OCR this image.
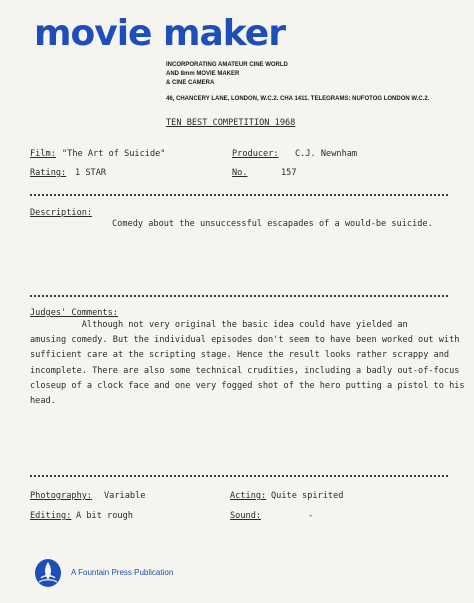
movie maker
INCORPORATING AMATEUR CINE WORLD
AND 8mm MOVIE MAKER
& CINE CAMERA
46, CHANCERY LANE, LONDON, W.C.2. CHA 1411. TELEGRAMS: NUFOTOG LONDON W.C.2.
TEN BEST COMPETITION 1968
Film: "The Art of Suicide"	Producer: C.J. Newnham
Rating: 1 STAR	No.	157
Description:
Comedy about the unsuccessful escapades of a would-be suicide.
Judges' Comments:
Although not very original the basic idea could have yielded an
amusing comedy. But the individual episodes don't seem to have been worked out with
sufficient care at the scripting stage. Hence the result looks rather scrappy and
incomplete. There are also some technical crudities, including a badly out-of-focus
closeup of a clock face and one very fogged shot of the hero putting a pistol to his
head.
Photography: Variable	Acting: Quite spirited
Editing: A bit rough	Sound:	-
A Fountain Press Publication
